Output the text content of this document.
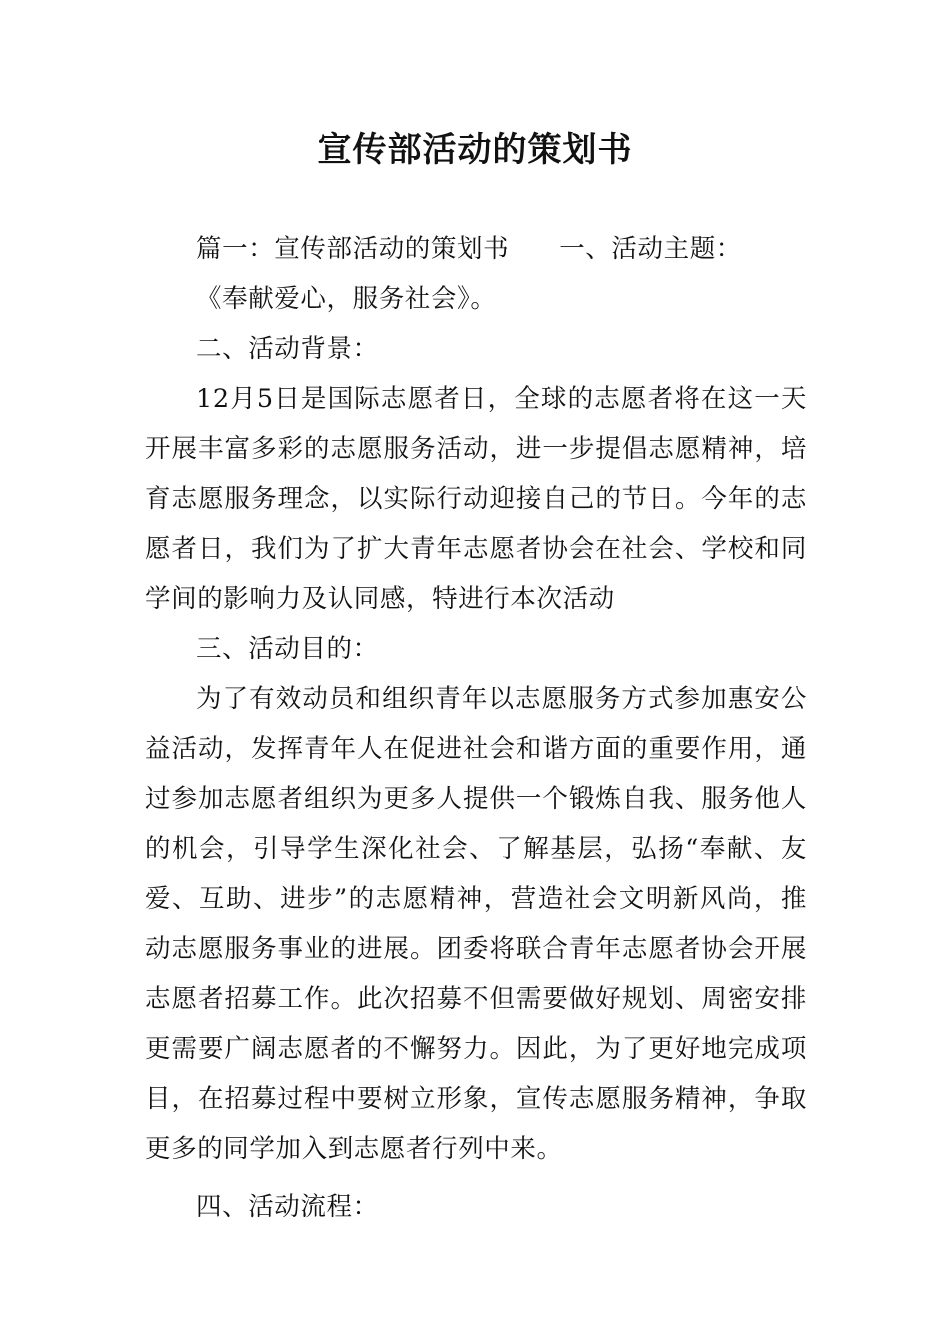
宣传部活动的策划书

篇一：宣传部活动的策划书 一、活动主题：

《奉献爱心，服务社会》。

二、活动背景：

12月5日是国际志愿者日，全球的志愿者将在这一天开展丰富多彩的志愿服务活动，进一步提倡志愿精神，培育志愿服务理念，以实际行动迎接自己的节日。今年的志愿者日，我们为了扩大青年志愿者协会在社会、学校和同学间的影响力及认同感，特进行本次活动

三、活动目的：

为了有效动员和组织青年以志愿服务方式参加惠安公益活动，发挥青年人在促进社会和谐方面的重要作用，通过参加志愿者组织为更多人提供一个锻炼自我、服务他人的机会，引导学生深化社会、了解基层，弘扬“奉献、友爱、互助、进步”的志愿精神，营造社会文明新风尚，推动志愿服务事业的进展。团委将联合青年志愿者协会开展志愿者招募工作。此次招募不但需要做好规划、周密安排更需要广阔志愿者的不懈努力。因此，为了更好地完成项目，在招募过程中要树立形象，宣传志愿服务精神，争取更多的同学加入到志愿者行列中来。

四、活动流程：
